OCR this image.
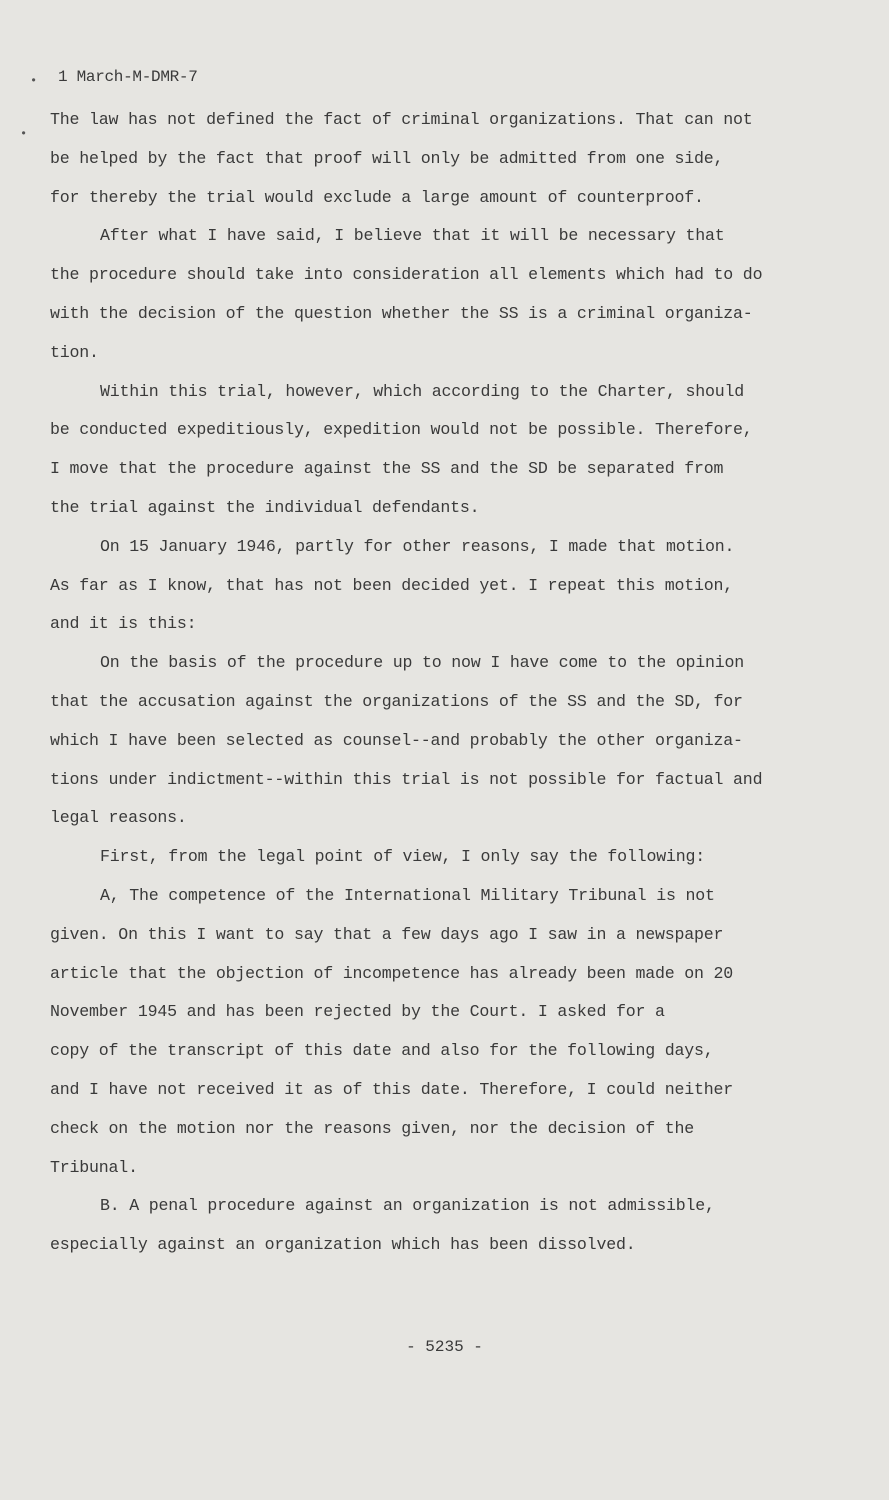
•
•
1 March-M-DMR-7

The law has not defined the fact of criminal organizations. That can not
be helped by the fact that proof will only be admitted from one side,
for thereby the trial would exclude a large amount of counterproof.

After what I have said, I believe that it will be necessary that
the procedure should take into consideration all elements which had to do
with the decision of the question whether the SS is a criminal organiza-
tion.

Within this trial, however, which according to the Charter, should
be conducted expeditiously, expedition would not be possible. Therefore,
I move that the procedure against the SS and the SD be separated from
the trial against the individual defendants.

On 15 January 1946, partly for other reasons, I made that motion.
As far as I know, that has not been decided yet. I repeat this motion,
and it is this:

On the basis of the procedure up to now I have come to the opinion
that the accusation against the organizations of the SS and the SD, for
which I have been selected as counsel--and probably the other organiza-
tions under indictment--within this trial is not possible for factual and
legal reasons.

First, from the legal point of view, I only say the following:

A, The competence of the International Military Tribunal is not
given. On this I want to say that a few days ago I saw in a newspaper
article that the objection of incompetence has already been made on 20
November 1945 and has been rejected by the Court. I asked for a
copy of the transcript of this date and also for the following days,
and I have not received it as of this date. Therefore, I could neither
check on the motion nor the reasons given, nor the decision of the
Tribunal.

B. A penal procedure against an organization is not admissible,
especially against an organization which has been dissolved.

- 5235 -
